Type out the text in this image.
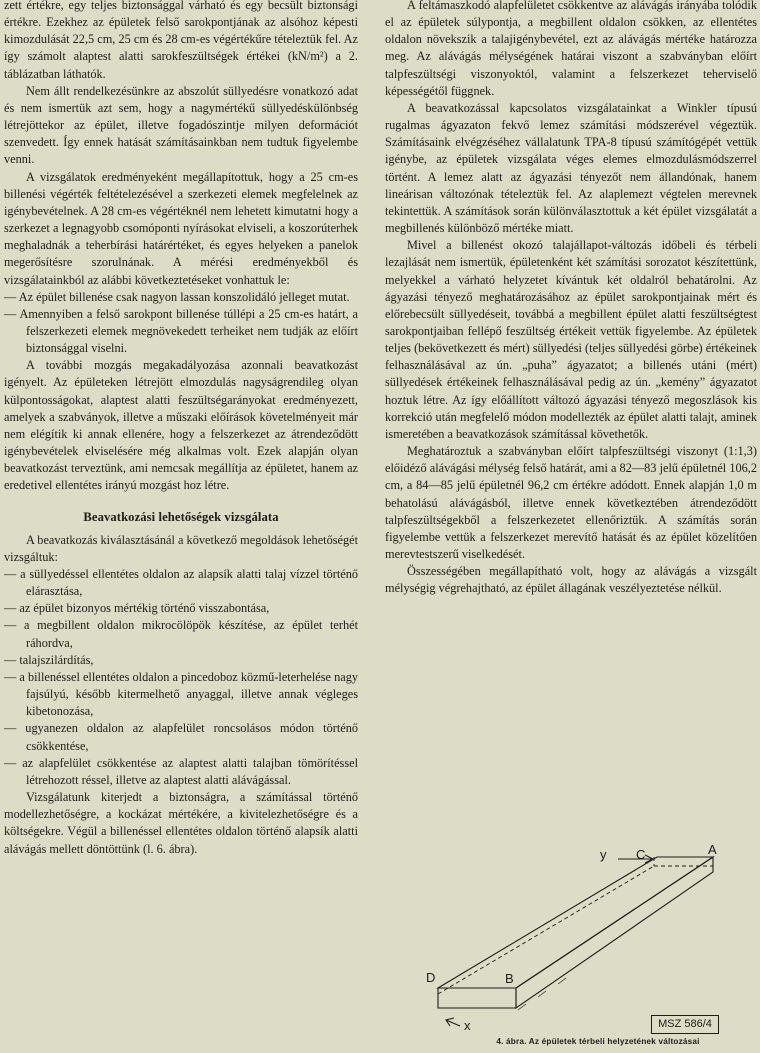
zett értékre, egy teljes biztonsággal várható és egy becsült biztonsági értékre. Ezekhez az épületek felső sarokpontjának az alsóhoz képesti kimozdulását 22,5 cm, 25 cm és 28 cm-es végértékűre tételeztük fel. Az így számolt alaptest alatti sarokfeszültségek értékei (kN/m²) a 2. táblázatban láthatók.

Nem állt rendelkezésünkre az abszolút süllyedésre vonatkozó adat és nem ismertük azt sem, hogy a nagymértékű süllyedéskülönbség létrejöttekor az épület, illetve fogadószintje milyen deformációt szenvedett. Így ennek hatását számításainkban nem tudtuk figyelembe venni.

A vizsgálatok eredményeként megállapítottuk, hogy a 25 cm-es billenési végérték feltételezésével a szerkezeti elemek megfelelnek az igénybevételnek. A 28 cm-es végértéknél nem lehetett kimutatni hogy a szerkezet a legnagyobb csomóponti nyírásokat elviseli, a koszorúterhek meghaladnák a teherbírási határértéket, és egyes helyeken a panelok megerősítésre szorulnának. A mérési eredményekből és vizsgálatainkból az alábbi következtetéseket vonhattuk le:

— Az épület billenése csak nagyon lassan konszolidáló jelleget mutat.

— Amennyiben a felső sarokpont billenése túllépi a 25 cm-es határt, a felszerkezeti elemek megnövekedett terheiket nem tudják az előírt biztonsággal viselni.

A további mozgás megakadályozása azonnali beavatkozást igényelt. Az épületeken létrejött elmozdulás nagyságrendileg olyan külpontosságokat, alaptest alatti feszültségarányokat eredményezett, amelyek a szabványok, illetve a műszaki előírások követelményeit már nem elégítik ki annak ellenére, hogy a felszerkezet az átrendeződött igénybevételek elviselésére még alkalmas volt. Ezek alapján olyan beavatkozást terveztünk, ami nemcsak megállítja az épületet, hanem az eredetivel ellentétes irányú mozgást hoz létre.

Beavatkozási lehetőségek vizsgálata

A beavatkozás kiválasztásánál a következő megoldások lehetőségét vizsgáltuk:

— a süllyedéssel ellentétes oldalon az alapsík alatti talaj vízzel történő elárasztása,

— az épület bizonyos mértékig történő visszabontása,

— a megbillent oldalon mikrocölöpök készítése, az épület terhét ráhordva,

— talajszilárdítás,

— a billenéssel ellentétes oldalon a pincedoboz közmű-leterhelése nagy fajsúlyú, később kitermelhető anyaggal, illetve annak végleges kibetonozása,

— ugyanezen oldalon az alapfelület roncsolásos módon történő csökkentése,

— az alapfelület csökkentése az alaptest alatti talajban tömörítéssel létrehozott réssel, illetve az alaptest alatti alávágással.

Vizsgálatunk kiterjedt a biztonságra, a számítással történő modellezhetőségre, a kockázat mértékére, a kivitelezhetőségre és a költségekre. Végül a billenéssel ellentétes oldalon történő alapsík alatti alávágás mellett döntöttünk (l. 6. ábra).

A feltámaszkodó alapfelületet csökkentve az alávágás irányába tolódik el az épületek súlypontja, a megbillent oldalon csökken, az ellentétes oldalon növekszik a talajigénybevétel, ezt az alávágás mértéke határozza meg. Az alávágás mélységének határai viszont a szabványban előírt talpfeszültségi viszonyoktól, valamint a felszerkezet teherviselő képességétől függnek.

A beavatkozással kapcsolatos vizsgálatainkat a Winkler típusú rugalmas ágyazaton fekvő lemez számítási módszerével végeztük. Számításaink elvégzéséhez vállalatunk TPA-8 típusú számítógépét vettük igénybe, az épületek vizsgálata véges elemes elmozdulásmódszerrel történt. A lemez alatt az ágyazási tényezőt nem állandónak, hanem lineárisan változónak tételeztük fel. Az alaplemezt végtelen merevnek tekintettük. A számítások során különválasztottuk a két épület vizsgálatát a megbillenés különböző mértéke miatt.

Mivel a billenést okozó talajállapot-változás időbeli és térbeli lezajlását nem ismertük, épületenként két számítási sorozatot készítettünk, melyekkel a várható helyzetet kívántuk két oldalról behatárolni. Az ágyazási tényező meghatározásához az épület sarokpontjainak mért és előrebecsült süllyedéseit, továbbá a megbillent épület alatti feszültségtest sarokpontjaiban fellépő feszültség értékeit vettük figyelembe. Az épületek teljes (bekövetkezett és mért) süllyedési (teljes süllyedési görbe) értékeinek felhasználásával az ún. „puha” ágyazatot; a billenés utáni (mért) süllyedések értékeinek felhasználásával pedig az ún. „kemény” ágyazatot hoztuk létre. Az így előállított változó ágyazási tényező megoszlások kis korrekció után megfelelő módon modellezték az épület alatti talajt, aminek ismeretében a beavatkozások számítással követhetők.

Meghatároztuk a szabványban előírt talpfeszültségi viszonyt (1:1,3) előidéző alávágási mélység felső határát, ami a 82—83 jelű épületnél 106,2 cm, a 84—85 jelű épületnél 96,2 cm értékre adódott. Ennek alapján 1,0 m behatolású alávágásból, illetve ennek következtében átrendeződött talpfeszültségekből a felszerkezetet ellenőriztük. A számítás során figyelembe vettük a felszerkezet merevítő hatását és az épület közelítően merevtestszerű viselkedését.

Összességében megállapítható volt, hogy az alávágás a vizsgált mélységig végrehajtható, az épület állagának veszélyeztetése nélkül.

y C	A
D	B
x	MSZ 586/4
4. ábra. Az épületek térbeli helyzetének változásai
